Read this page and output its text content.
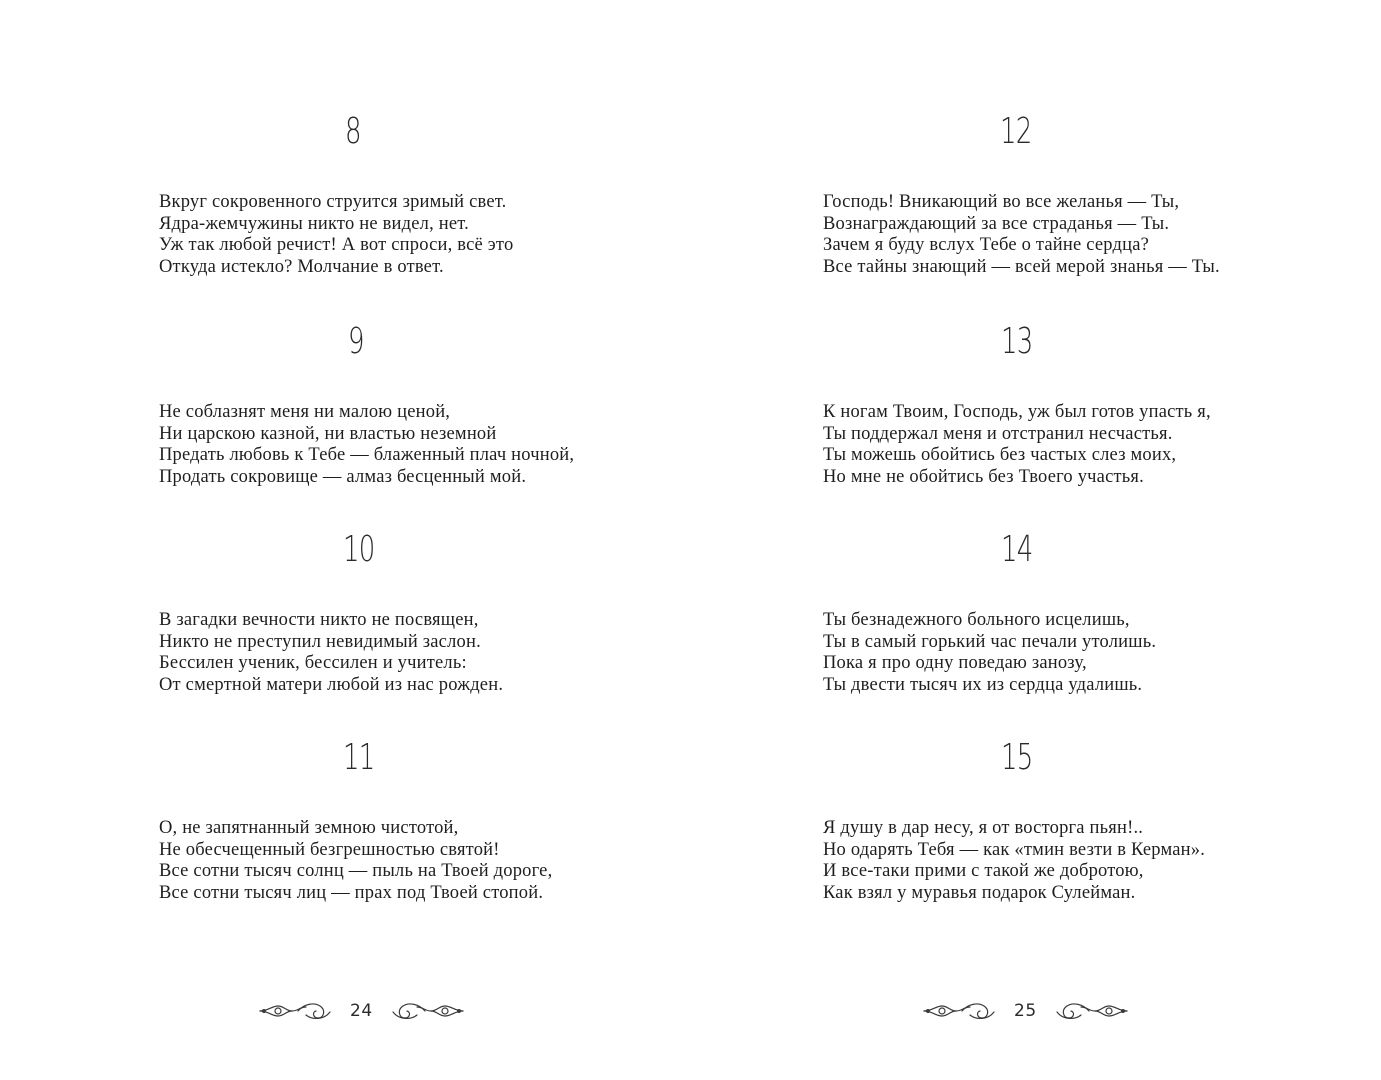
8
Вкруг сокровенного струится зримый свет.
Ядра-жемчужины никто не видел, нет.
Уж так любой речист! А вот спроси, всё это
Откуда истекло? Молчание в ответ.
9
Не соблазнят меня ни малою ценой,
Ни царскою казной, ни властью неземной
Предать любовь к Тебе — блаженный плач ночной,
Продать сокровище — алмаз бесценный мой.
10
В загадки вечности никто не посвящен,
Никто не преступил невидимый заслон.
Бессилен ученик, бессилен и учитель:
От смертной матери любой из нас рожден.
11
О, не запятнанный земною чистотой,
Не обесчещенный безгрешностью святой!
Все сотни тысяч солнц — пыль на Твоей дороге,
Все сотни тысяч лиц — прах под Твоей стопой.
24
12
Господь! Вникающий во все желанья — Ты,
Вознаграждающий за все страданья — Ты.
Зачем я буду вслух Тебе о тайне сердца?
Все тайны знающий — всей мерой знанья — Ты.
13
К ногам Твоим, Господь, уж был готов упасть я,
Ты поддержал меня и отстранил несчастья.
Ты можешь обойтись без частых слез моих,
Но мне не обойтись без Твоего участья.
14
Ты безнадежного больного исцелишь,
Ты в самый горький час печали утолишь.
Пока я про одну поведаю занозу,
Ты двести тысяч их из сердца удалишь.
15
Я душу в дар несу, я от восторга пьян!..
Но одарять Тебя — как «тмин везти в Керман».
И все-таки прими с такой же добротою,
Как взял у муравья подарок Сулейман.
25
